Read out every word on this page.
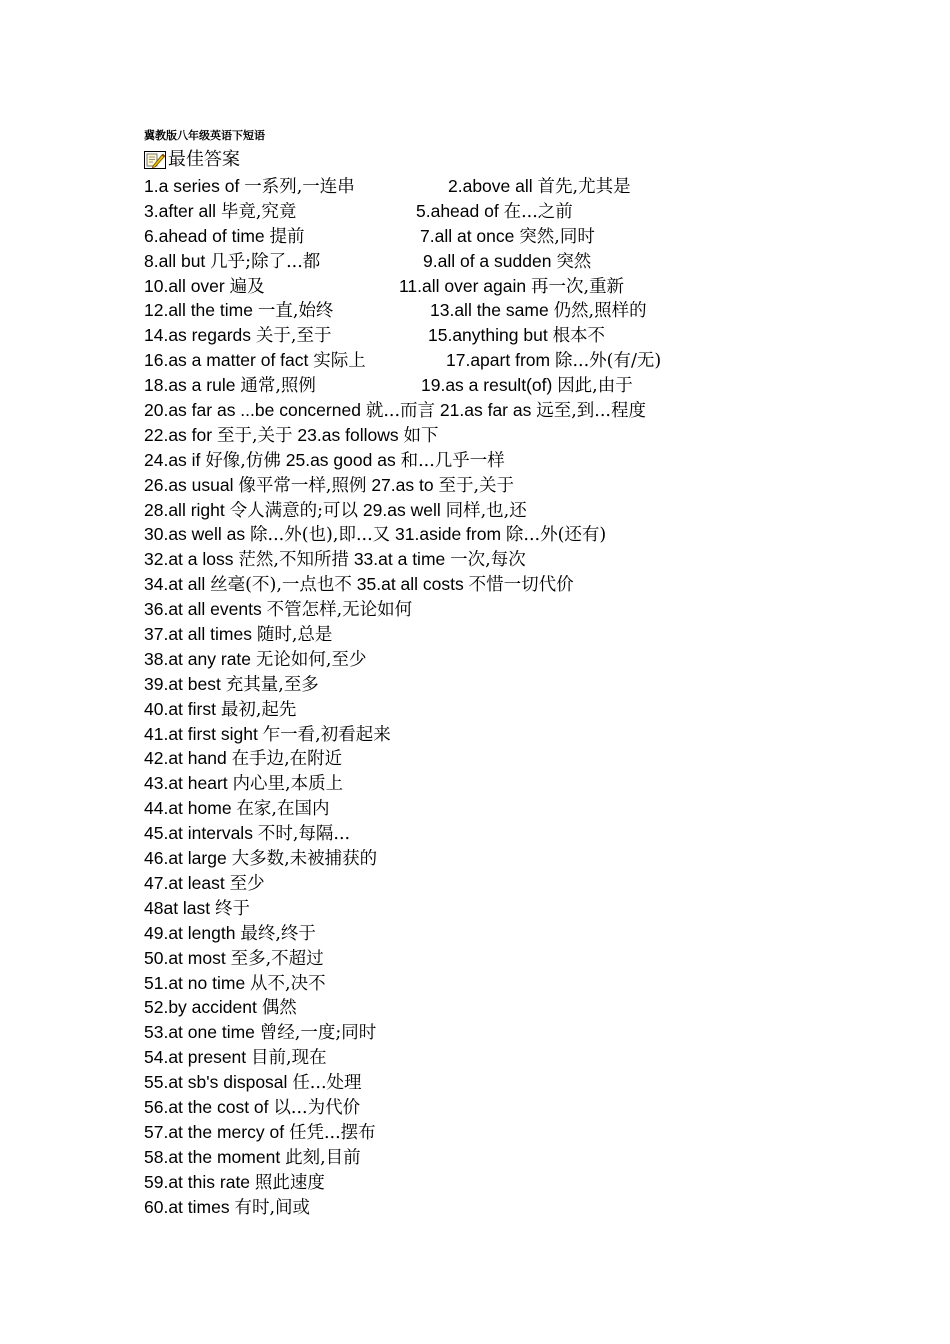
冀教版八年级英语下短语
最佳答案
1.a series of 一系列,一连串	2.above all 首先,尤其是
3.after all 毕竟,究竟	5.ahead of 在...之前
6.ahead of time 提前	7.all at once 突然,同时
8.all but 几乎;除了...都	9.all of a sudden 突然
10.all over 遍及	11.all over again 再一次,重新
12.all the time 一直,始终	13.all the same 仍然,照样的
14.as regards 关于,至于	15.anything but 根本不
16.as a matter of fact 实际上	17.apart from 除...外(有/无)
18.as a rule 通常,照例	19.as a result(of) 因此,由于
20.as far as ...be concerned 就...而言 21.as far as 远至,到...程度
22.as for 至于,关于 23.as follows 如下
24.as if 好像,仿佛 25.as good as 和...几乎一样
26.as usual 像平常一样,照例 27.as to 至于,关于
28.all right 令人满意的;可以 29.as well 同样,也,还
30.as well as 除...外(也),即...又 31.aside from 除...外(还有)
32.at a loss 茫然,不知所措 33.at a time 一次,每次
34.at all 丝毫(不),一点也不 35.at all costs 不惜一切代价
36.at all events 不管怎样,无论如何
37.at all times 随时,总是
38.at any rate 无论如何,至少
39.at best 充其量,至多
40.at first 最初,起先
41.at first sight 乍一看,初看起来
42.at hand 在手边,在附近
43.at heart 内心里,本质上
44.at home 在家,在国内
45.at intervals 不时,每隔...
46.at large 大多数,未被捕获的
47.at least 至少
48at last 终于
49.at length 最终,终于
50.at most 至多,不超过
51.at no time 从不,决不
52.by accident 偶然
53.at one time 曾经,一度;同时
54.at present 目前,现在
55.at sb's disposal 任...处理
56.at the cost of 以...为代价
57.at the mercy of 任凭...摆布
58.at the moment 此刻,目前
59.at this rate 照此速度
60.at times 有时,间或
